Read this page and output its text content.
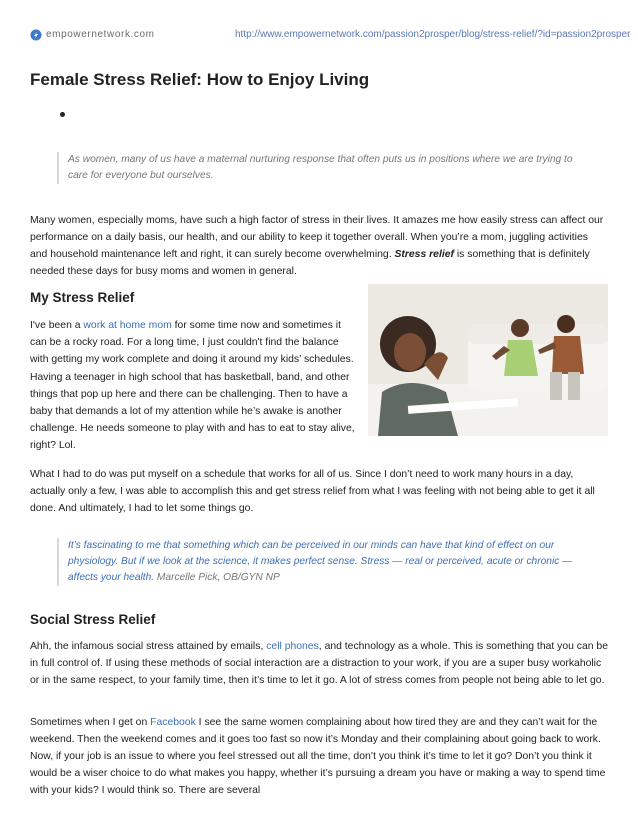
empowernetwork.com	http://www.empowernetwork.com/passion2prosper/blog/stress-relief/?id=passion2prosper
Female Stress Relief: How to Enjoy Living
As women, many of us have a maternal nurturing response that often puts us in positions where we are trying to care for everyone but ourselves.

Many women, especially moms, have such a high factor of stress in their lives. It amazes me how easily stress can affect our performance on a daily basis, our health, and our ability to keep it together overall. When you’re a mom, juggling activities and household maintenance left and right, it can surely become overwhelming. Stress relief is something that is definitely needed these days for busy moms and women in general.

My Stress Relief

I've been a work at home mom for some time now and sometimes it can be a rocky road. For a long time, I just couldn't find the balance with getting my work complete and doing it around my kids’ schedules. Having a teenager in high school that has basketball, band, and other things that pop up here and there can be challenging. Then to have a baby that demands a lot of my attention while he’s awake is another challenge. He needs someone to play with and has to eat to stay alive, right? Lol.

What I had to do was put myself on a schedule that works for all of us. Since I don’t need to work many hours in a day, actually only a few, I was able to accomplish this and get stress relief from what I was feeling with not being able to get it all done. And ultimately, I had to let some things go.

It’s fascinating to me that something which can be perceived in our minds can have that kind of effect on our physiology. But if we look at the science, it makes perfect sense. Stress — real or perceived, acute or chronic — affects your health. Marcelle Pick, OB/GYN NP
Social Stress Relief

Ahh, the infamous social stress attained by emails, cell phones, and technology as a whole. This is something that you can be in full control of. If using these methods of social interaction are a distraction to your work, if you are a super busy workaholic or in the same respect, to your family time, then it’s time to let it go. A lot of stress comes from people not being able to let go.

Sometimes when I get on Facebook I see the same women complaining about how tired they are and they can’t wait for the weekend. Then the weekend comes and it goes too fast so now it’s Monday and their complaining about going back to work. Now, if your job is an issue to where you feel stressed out all the time, don’t you think it’s time to let it go? Don’t you think it would be a wiser choice to do what makes you happy, whether it’s pursuing a dream you have or making a way to spend time with your kids? I would think so. There are several
